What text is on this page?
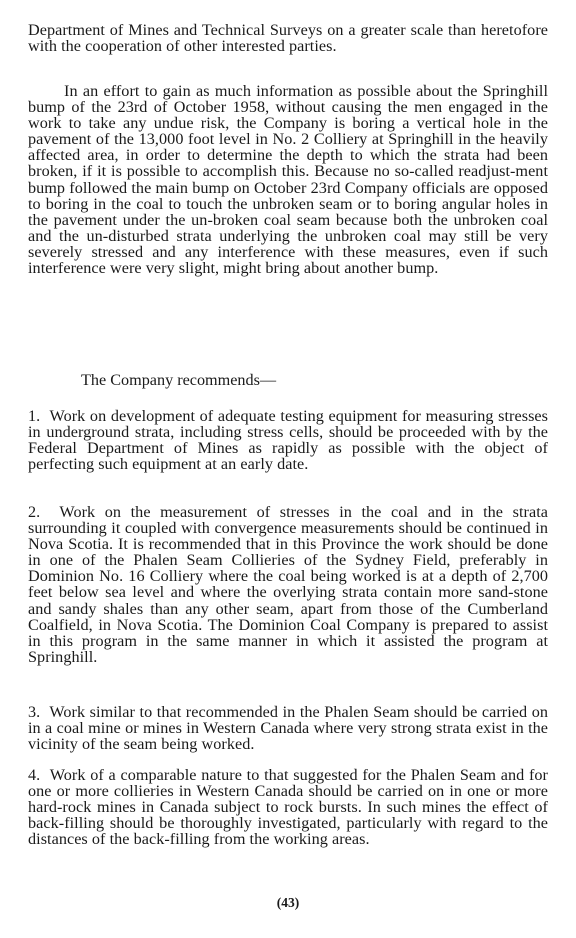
Department of Mines and Technical Surveys on a greater scale than heretofore with the cooperation of other interested parties.

In an effort to gain as much information as possible about the Springhill bump of the 23rd of October 1958, without causing the men engaged in the work to take any undue risk, the Company is boring a vertical hole in the pavement of the 13,000 foot level in No. 2 Colliery at Springhill in the heavily affected area, in order to determine the depth to which the strata had been broken, if it is possible to accomplish this. Because no so-called readjust-ment bump followed the main bump on October 23rd Company officials are opposed to boring in the coal to touch the unbroken seam or to boring angular holes in the pavement under the un-broken coal seam because both the unbroken coal and the un-disturbed strata underlying the unbroken coal may still be very severely stressed and any interference with these measures, even if such interference were very slight, might bring about another bump.

The Company recommends—

1. Work on development of adequate testing equipment for measuring stresses in underground strata, including stress cells, should be proceeded with by the Federal Department of Mines as rapidly as possible with the object of perfecting such equipment at an early date.

2. Work on the measurement of stresses in the coal and in the strata surrounding it coupled with convergence measurements should be continued in Nova Scotia. It is recommended that in this Province the work should be done in one of the Phalen Seam Collieries of the Sydney Field, preferably in Dominion No. 16 Colliery where the coal being worked is at a depth of 2,700 feet below sea level and where the overlying strata contain more sand-stone and sandy shales than any other seam, apart from those of the Cumberland Coalfield, in Nova Scotia. The Dominion Coal Company is prepared to assist in this program in the same manner in which it assisted the program at Springhill.

3. Work similar to that recommended in the Phalen Seam should be carried on in a coal mine or mines in Western Canada where very strong strata exist in the vicinity of the seam being worked.

4. Work of a comparable nature to that suggested for the Phalen Seam and for one or more collieries in Western Canada should be carried on in one or more hard-rock mines in Canada subject to rock bursts. In such mines the effect of back-filling should be thoroughly investigated, particularly with regard to the distances of the back-filling from the working areas.

(43)
